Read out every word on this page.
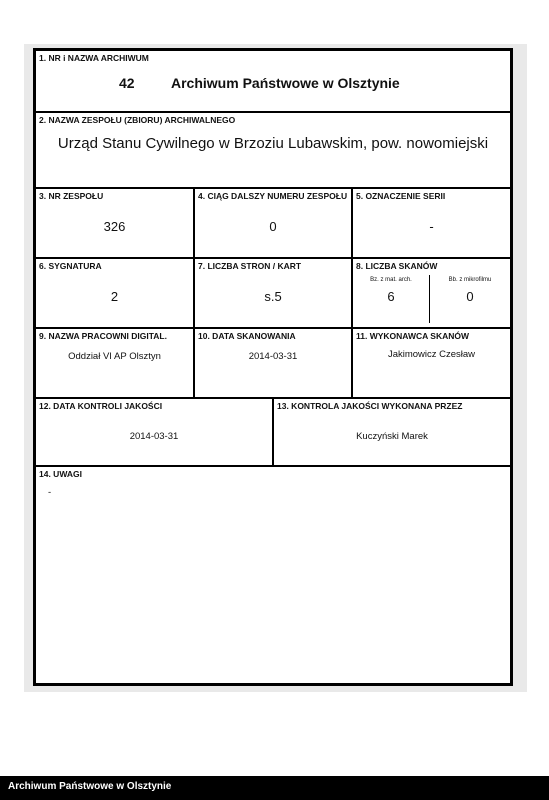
1. NR i NAZWA ARCHIWUM
42	Archiwum Państwowe w Olsztynie
2. NAZWA ZESPOŁU (ZBIORU) ARCHIWALNEGO
Urząd Stanu Cywilnego w Brzoziu Lubawskim, pow. nowomiejski
3. NR ZESPOŁU
326
4. CIĄG DALSZY NUMERU ZESPOŁU
0
5. OZNACZENIE SERII
-
6. SYGNATURA
2
7. LICZBA STRON / KART
s.5
8. LICZBA SKANÓW
Bz. z mat. arch.
6
Bb. z mikrofilmu
0
9. NAZWA PRACOWNI DIGITAL.
Oddział VI AP Olsztyn
10. DATA SKANOWANIA
2014-03-31
11. WYKONAWCA SKANÓW
Jakimowicz Czesław
12. DATA KONTROLI JAKOŚCI
2014-03-31
13. KONTROLA JAKOŚCI WYKONANA PRZEZ
Kuczyński Marek
14. UWAGI
-
Archiwum Państwowe w Olsztynie
